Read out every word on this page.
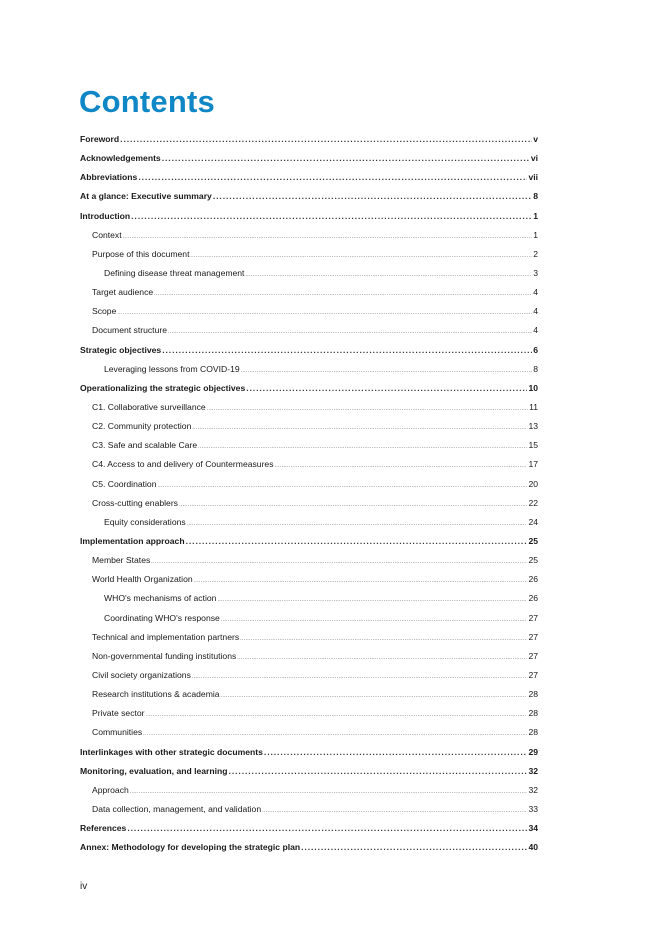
Contents
Foreword .....	v
Acknowledgements .....	vi
Abbreviations .....	vii
At a glance: Executive summary .....	8
Introduction .....	1
Context .....	1
Purpose of this document .....	2
Defining disease threat management .....	3
Target audience .....	4
Scope .....	4
Document structure .....	4
Strategic objectives .....	6
Leveraging lessons from COVID-19 .....	8
Operationalizing the strategic objectives .....	10
C1. Collaborative surveillance .....	11
C2. Community protection .....	13
C3. Safe and scalable Care .....	15
C4. Access to and delivery of Countermeasures .....	17
C5. Coordination .....	20
Cross-cutting enablers .....	22
Equity considerations .....	24
Implementation approach .....	25
Member States .....	25
World Health Organization .....	26
WHO's mechanisms of action .....	26
Coordinating WHO's response .....	27
Technical and implementation partners .....	27
Non-governmental funding institutions .....	27
Civil society organizations .....	27
Research institutions & academia .....	28
Private sector .....	28
Communities .....	28
Interlinkages with other strategic documents .....	29
Monitoring, evaluation, and learning .....	32
Approach .....	32
Data collection, management, and validation .....	33
References .....	34
Annex: Methodology for developing the strategic plan .....	40
iv
